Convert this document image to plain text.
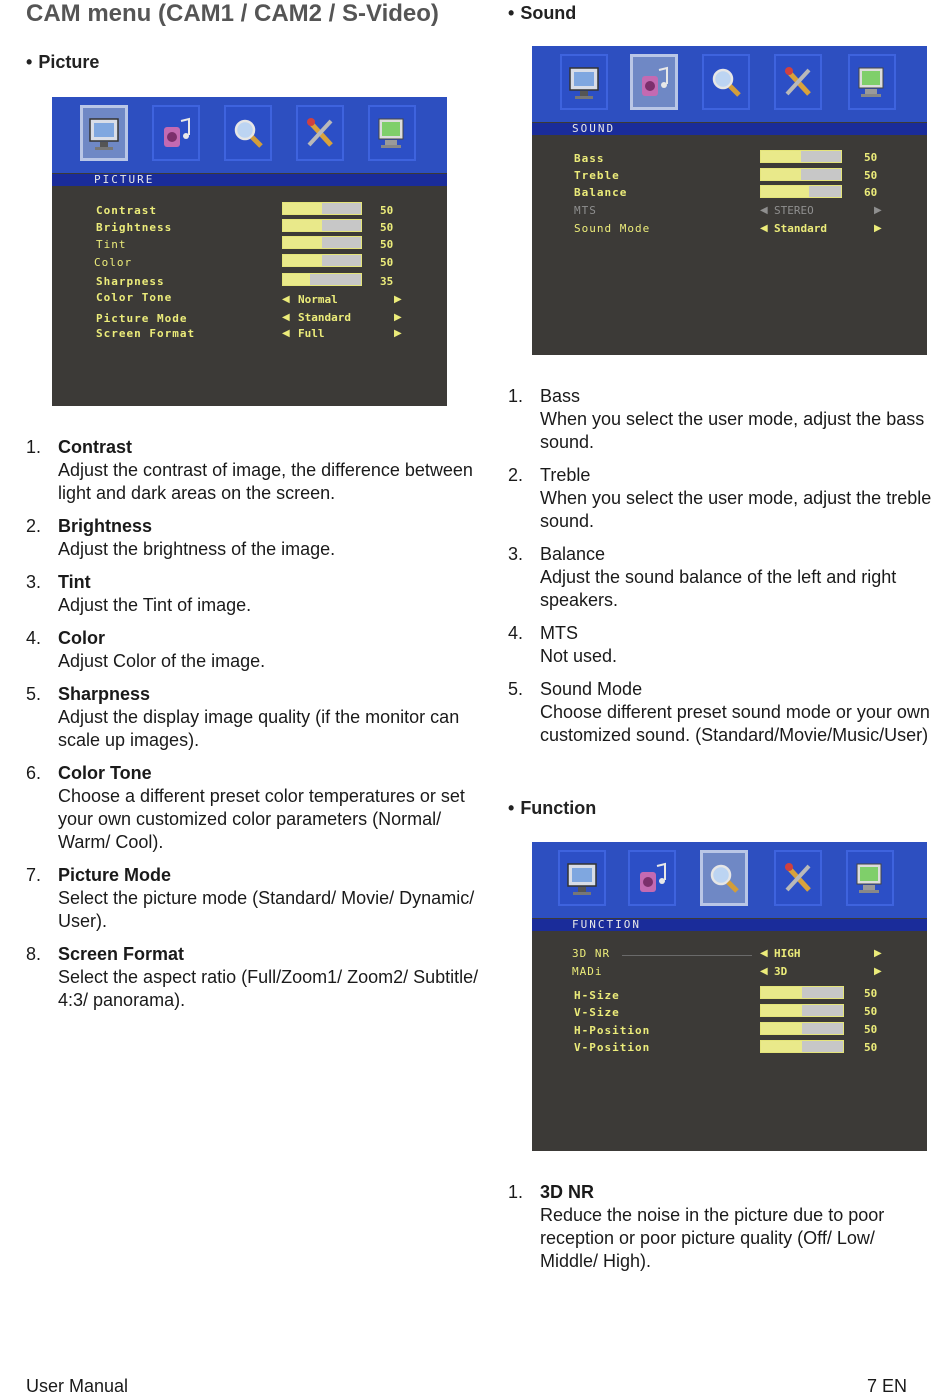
CAM menu (CAM1 / CAM2 / S-Video)
• Picture
• Sound
• Function
PICTURE
Contrast	50
Brightness	50
Tint	50
Color	50
Sharpness	35
Color Tone	◀ Normal	▶
Picture Mode	◀ Standard	▶
Screen Format	◀ Full	▶
SOUND
Bass	50
Treble	50
Balance	60
MTS	◀ STEREO	▶
Sound Mode	◀ Standard	▶
FUNCTION
3D NR	◀ HIGH	▶
MADi	◀ 3D	▶
H-Size	50
V-Size	50
H-Position	50
V-Position	50
1. Contrast
Adjust the contrast of image, the difference between light and dark areas on the screen.
2. Brightness
Adjust the brightness of the image.
3. Tint
Adjust the Tint of image.
4. Color
Adjust Color of the image.
5. Sharpness
Adjust the display image quality (if the monitor can scale up images).
6. Color Tone
Choose a different preset color temperatures or set your own customized color parameters (Normal/ Warm/ Cool).
7. Picture Mode
Select the picture mode (Standard/ Movie/ Dynamic/ User).
8. Screen Format
Select the aspect ratio (Full/Zoom1/ Zoom2/ Subtitle/ 4:3/ panorama).
1. Bass
When you select the user mode, adjust the bass sound.
2. Treble
When you select the user mode, adjust the treble sound.
3. Balance
Adjust the sound balance of the left and right speakers.
4. MTS
Not used.
5. Sound Mode
Choose different preset sound mode or your own customized sound. (Standard/Movie/Music/User)
1. 3D NR
Reduce the noise in the picture due to poor reception or poor picture quality (Off/ Low/ Middle/ High).
User Manual	7 EN
